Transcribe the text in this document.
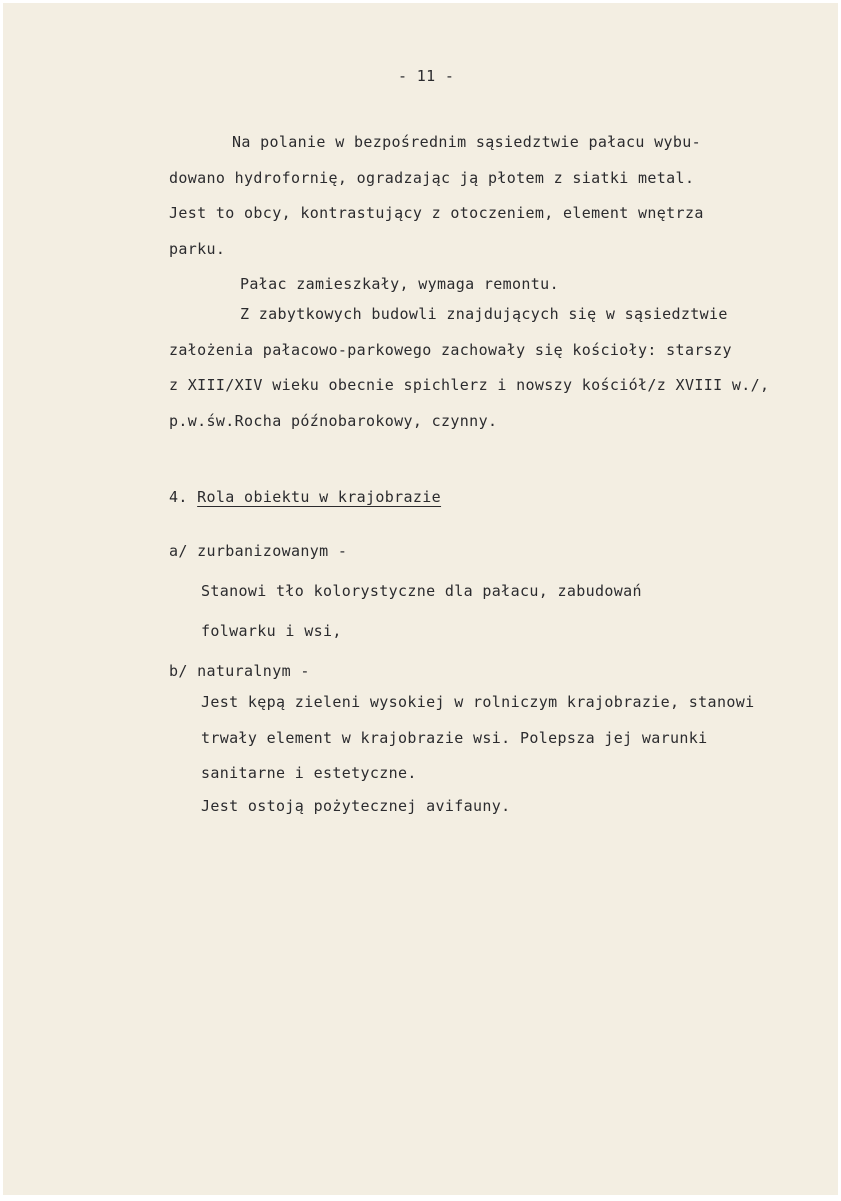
- 11 -
Na polanie w bezpośrednim sąsiedztwie pałacu wybu-
dowano hydrofornię, ogradzając ją płotem z siatki metal.
Jest to obcy, kontrastujący z otoczeniem, element wnętrza
parku.
Pałac zamieszkały, wymaga remontu.
Z zabytkowych budowli znajdujących się w sąsiedztwie
założenia pałacowo-parkowego zachowały się kościoły: starszy
z XIII/XIV wieku obecnie spichlerz i nowszy kościół/z XVIII w./,
p.w.św.Rocha późnobarokowy, czynny.
4. Rola obiektu w krajobrazie
a/ zurbanizowanym -
Stanowi tło kolorystyczne dla pałacu, zabudowań
folwarku i wsi,
b/ naturalnym -
Jest kępą zieleni wysokiej w rolniczym krajobrazie, stanowi
trwały element w krajobrazie wsi. Polepsza jej warunki
sanitarne i estetyczne.
Jest ostoją pożytecznej avifauny.
